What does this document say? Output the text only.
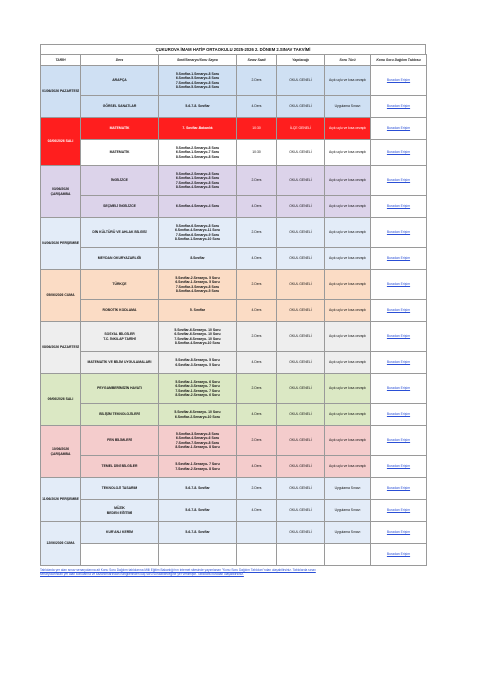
ÇUKUROVA İMAM HATİP ORTAOKULU 2025-2026 2. DÖNEM 2.SINAV TAKVİMİ
TARİH	Ders	Sınıf/Senaryo/Soru Sayısı	Sınav Saati	Yapılacağı	Soru Türü	Konu Soru Dağılım Tablosu
01/06/2026 PAZARTESİ	ARAPÇA	5.Sınıflar-1.Senaryo-8 Soru
6.Sınıflar-5.Senaryo-8 Soru
7.Sınıflar-4.Senaryo-8 Soru
8.Sınıflar-5.Senaryo-8 Soru	2.Ders	OKUL GENELİ	Açık uçlu ve kısa cevaplı	Buradan Erişim
	GÖRSEL SANATLAR	5-6-7-8. Sınıflar	4.Ders	OKUL GENELİ	Uygulama Sınavı	Buradan Erişim
02/06/2026 SALI	MATEMATİK	7. Sınıflar-Bakanlık	10:30	İLÇE GENELİ	Açık uçlu ve kısa cevaplı	Buradan Erişim
	MATEMATİK	5.Sınıflar-2.Senaryo-8 Soru
6.Sınıflar-1.Senaryo-7 Soru
8.Sınıflar-1.Senaryo-8 Soru	10:30	OKUL GENELİ	Açık uçlu ve kısa cevaplı	Buradan Erişim
03/06/2026 ÇARŞAMBA	İNGİLİZCE	5.Sınıflar-2.Senaryo-8 Soru
6.Sınıflar-1.Senaryo-8 Soru
7.Sınıflar-2.Senaryo-8 Soru
8.Sınıflar-4.Senaryo-8 Soru	2.Ders	OKUL GENELİ	Açık uçlu ve kısa cevaplı	Buradan Erişim
	SEÇMELİ İNGİLİZCE	6.Sınıflar-4.Senaryo-4 Soru	4.Ders	OKUL GENELİ	Açık uçlu ve kısa cevaplı	Buradan Erişim
04/06/2026 PERŞEMBE	DİN KÜLTÜRÜ VE AHLAK BİLGİSİ	5.Sınıflar-6.Senaryo-8 Soru
6.Sınıflar-4.Senaryo-11 Soru
7.Sınıflar-6.Senaryo-9 Soru
8.Sınıflar-1.Senaryo-10 Soru	2.Ders	OKUL GENELİ	Açık uçlu ve kısa cevaplı	Buradan Erişim
	MEYDAN OKURYAZARLIĞI	8.Sınıflar	4.Ders	OKUL GENELİ	Açık uçlu ve kısa cevaplı	Buradan Erişim
05/06/2026 CUMA	TÜRKÇE	5.Sınıflar-2.Senaryo- 5 Soru
6.Sınıflar-1.Senaryo- 5 Soru
7.Sınıflar-3.Senaryo-8 Soru
8.Sınıflar-4.Senaryo-5 Soru	2.Ders	OKUL GENELİ	Açık uçlu ve kısa cevaplı	Buradan Erişim
	ROBOTİK KODLAMA	5. Sınıflar	4.Ders	OKUL GENELİ	Açık uçlu ve kısa cevaplı	Buradan Erişim
08/06/2026 PAZARTESİ	SOSYAL BİLGİLER
T.C. İNKILAP TARİHİ	5.Sınıflar-6.Senaryo- 10 Soru
6.Sınıflar-6.Senaryo- 10 Soru
7.Sınıflar-6.Senaryo- 10 Soru
8.Sınıflar-4.Senaryo-10 Soru	2.Ders	OKUL GENELİ	Açık uçlu ve kısa cevaplı	Buradan Erişim
	MATEMATİK VE BİLİM UYGULAMALARI	5.Sınıflar-8.Senaryo- 5 Soru
6.Sınıflar-3.Senaryo- 5 Soru	4.Ders	OKUL GENELİ	Açık uçlu ve kısa cevaplı	Buradan Erişim
09/06/2026 SALI	PEYGAMBERİMİZİN HAYATI	5.Sınıflar-1.Senaryo- 6 Soru
6.Sınıflar-3.Senaryo- 7 Soru
7.Sınıflar-1.Senaryo- 7 Soru
8.Sınıflar-2.Senaryo- 6 Soru	2.Ders	OKUL GENELİ	Açık uçlu ve kısa cevaplı	Buradan Erişim
	BİLİŞİM TEKNOLOJİLERİ	5.Sınıflar-6.Senaryo- 10 Soru
6.Sınıflar-2.Senaryo-10 Soru	4.Ders	OKUL GENELİ	Açık uçlu ve kısa cevaplı	Buradan Erişim
10/06/2026 ÇARŞAMBA	FEN BİLİMLERİ	5.Sınıflar-3.Senaryo-8 Soru
6.Sınıflar-4.Senaryo-6 Soru
7.Sınıflar-7.Senaryo-8 Soru
8.Sınıflar-1.Senaryo- 8 Soru	2.Ders	OKUL GENELİ	Açık uçlu ve kısa cevaplı	Buradan Erişim
	TEMEL DİNİ BİLGİLER	5.Sınıflar-1.Senaryo- 7 Soru
7.Sınıflar-2.Senaryo- 8 Soru	4.Ders	OKUL GENELİ	Açık uçlu ve kısa cevaplı	Buradan Erişim
11/06/2026 PERŞEMBE	TEKNOLOJİ TASARIM	5-6-7-8. Sınıflar	2.Ders	OKUL GENELİ	Uygulama Sınavı	Buradan Erişim
	MÜZİK
BEDEN EĞİTİMİ	5-6-7-8. Sınıflar	4.Ders	OKUL GENELİ	Uygulama Sınavı	Buradan Erişim
12/06/2026 CUMA	KUR'AN-I KERİM	5-6-7-8. Sınıflar		OKUL GENELİ	Uygulama Sınavı	Buradan Erişim
						Buradan Erişim
Tablolarda yer alan sınav senaryolarına ait Konu Soru Dağılım tablolarına Milli Eğitim Bakanlığı'nın internet sitesinde yayımlanan "Konu Soru Dağılım Tabloları"ndan ulaşabilirsiniz. Tablolarda sınav
senaryolarından yer alan konularına ve kazanımlarından hangilerinden kaç soru sorulabileceğine yer verilmiştir. Tablolara buradan ulaşabilirsiniz.
